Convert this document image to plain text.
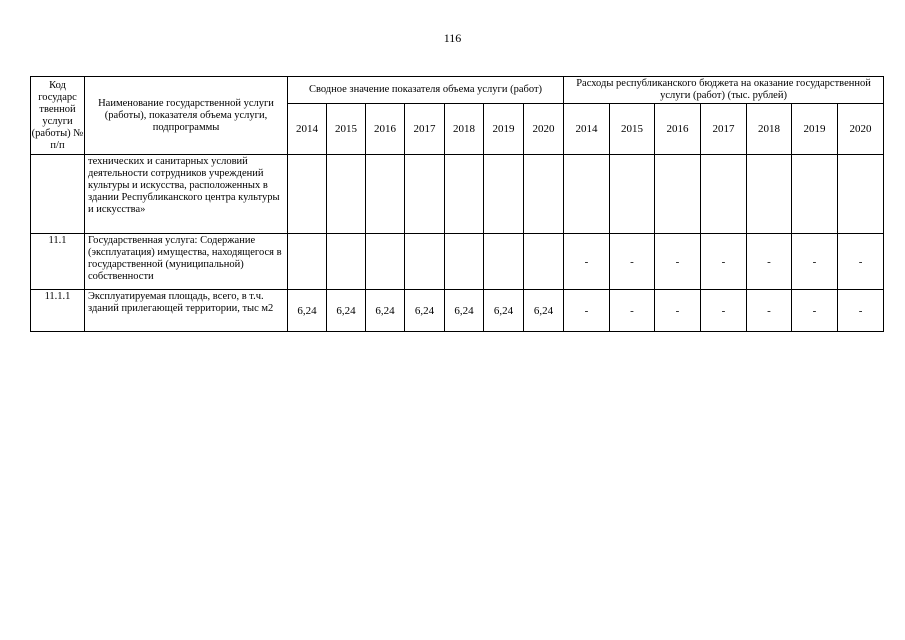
116
Код государс твенной услуги (работы) № п/п	Наименование государственной услуги (работы), показателя объема услуги, подпрограммы	Сводное значение показателя объема услуги (работ)							Расходы республиканского бюджета на оказание государственной услуги (работ) (тыс. рублей)						
		2014	2015	2016	2017	2018	2019	2020	2014	2015	2016	2017	2018	2019	2020
	технических и санитарных условий деятельности сотрудников учреждений культуры и искусства, расположенных в здании Республиканского центра культуры и искусства»														
11.1	Государственная услуга: Содержание (эксплуатация) имущества, находящегося в государственной (муниципальной) собственности								-	-	-	-	-	-	-
11.1.1	Эксплуатируемая площадь, всего, в т.ч. зданий прилегающей территории, тыс м2	6,24	6,24	6,24	6,24	6,24	6,24	6,24	-	-	-	-	-	-	-
